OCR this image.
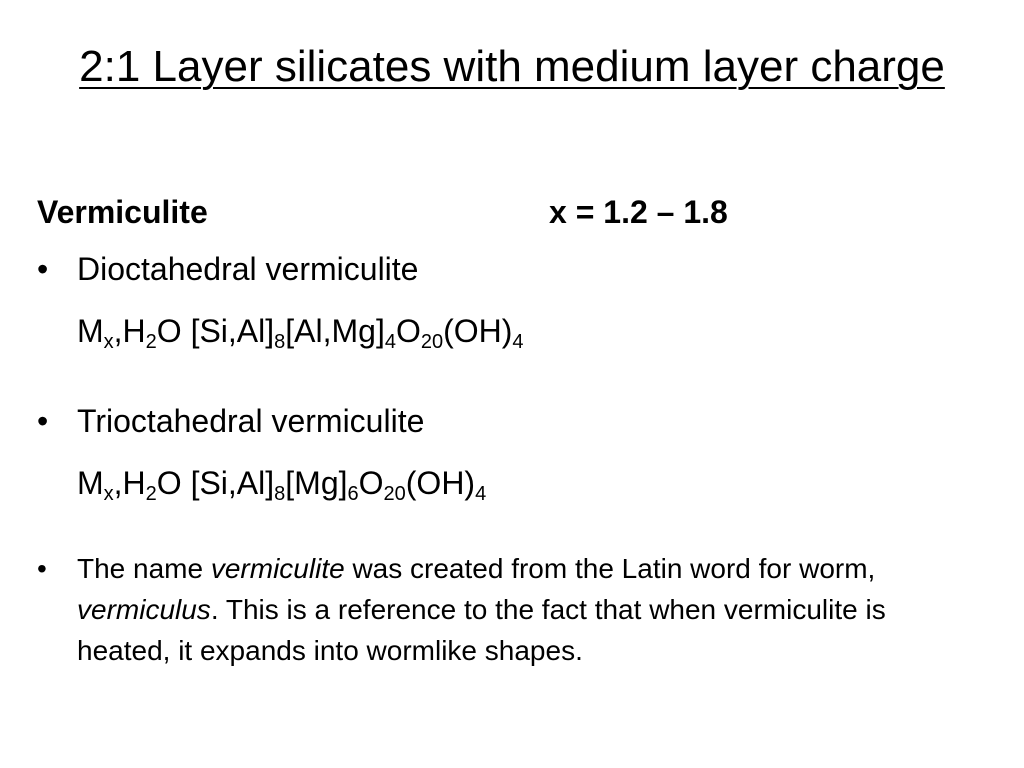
2:1 Layer silicates with medium layer charge
Vermiculite	x = 1.2 – 1.8
• Dioctahedral vermiculite
$M_x,H_2O$ $[Si,Al]_8[Al,Mg]_4O_{20}(OH)_4$
• Trioctahedral vermiculite
$M_x,H_2O$ $[Si,Al]_8[Mg]_6O_{20}(OH)_4$
• The name vermiculite was created from the Latin word for worm, vermiculus. This is a reference to the fact that when vermiculite is heated, it expands into wormlike shapes.
